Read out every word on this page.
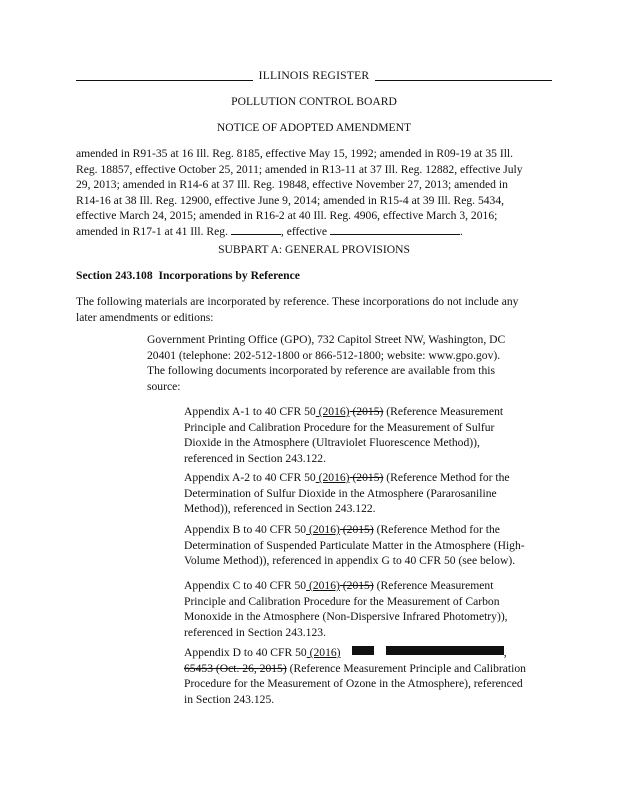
ILLINOIS REGISTER
POLLUTION CONTROL BOARD
NOTICE OF ADOPTED AMENDMENT
amended in R91-35 at 16 Ill. Reg. 8185, effective May 15, 1992; amended in R09-19 at 35 Ill.
Reg. 18857, effective October 25, 2011; amended in R13-11 at 37 Ill. Reg. 12882, effective July
29, 2013; amended in R14-6 at 37 Ill. Reg. 19848, effective November 27, 2013; amended in
R14-16 at 38 Ill. Reg. 12900, effective June 9, 2014; amended in R15-4 at 39 Ill. Reg. 5434,
effective March 24, 2015; amended in R16-2 at 40 Ill. Reg. 4906, effective March 3, 2016;
amended in R17-1 at 41 Ill. Reg.	, effective	.
SUBPART A: GENERAL PROVISIONS
Section 243.108 Incorporations by Reference
The following materials are incorporated by reference. These incorporations do not include any
later amendments or editions:
Government Printing Office (GPO), 732 Capitol Street NW, Washington, DC
20401 (telephone: 202-512-1800 or 866-512-1800; website: www.gpo.gov).
The following documents incorporated by reference are available from this
source:
Appendix A-1 to 40 CFR 50 (2016) (2015) (Reference Measurement
Principle and Calibration Procedure for the Measurement of Sulfur
Dioxide in the Atmosphere (Ultraviolet Fluorescence Method)),
referenced in Section 243.122.
Appendix A-2 to 40 CFR 50 (2016) (2015) (Reference Method for the
Determination of Sulfur Dioxide in the Atmosphere (Pararosaniline
Method)), referenced in Section 243.122.
Appendix B to 40 CFR 50 (2016) (2015) (Reference Method for the
Determination of Suspended Particulate Matter in the Atmosphere (High-
Volume Method)), referenced in appendix G to 40 CFR 50 (see below).
Appendix C to 40 CFR 50 (2016) (2015) (Reference Measurement
Principle and Calibration Procedure for the Measurement of Carbon
Monoxide in the Atmosphere (Non-Dispersive Infrared Photometry)),
referenced in Section 243.123.
Appendix D to 40 CFR 50 (2016)	,
65453 (Oct. 26, 2015) (Reference Measurement Principle and Calibration
Procedure for the Measurement of Ozone in the Atmosphere), referenced
in Section 243.125.
